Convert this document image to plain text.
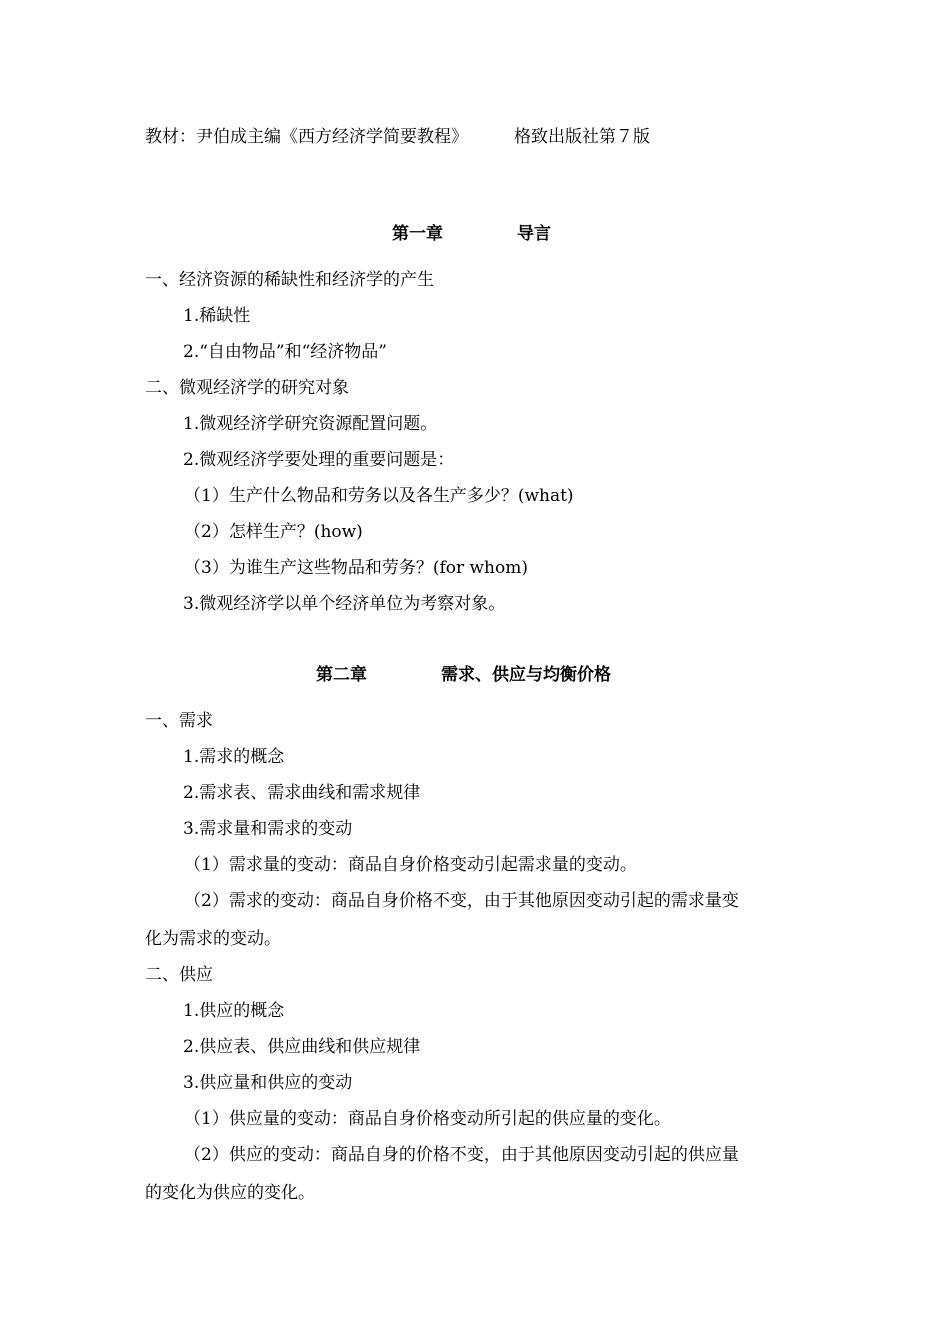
教材：尹伯成主编《西方经济学简要教程》	格致出版社第７版
第一章	导言
一、经济资源的稀缺性和经济学的产生
1.稀缺性
2.“自由物品”和“经济物品”
二、微观经济学的研究对象
1.微观经济学研究资源配置问题。
2.微观经济学要处理的重要问题是：
（1）生产什么物品和劳务以及各生产多少？(what)
（2）怎样生产？(how)
（3）为谁生产这些物品和劳务？(for whom)
3.微观经济学以单个经济单位为考察对象。
第二章	需求、供应与均衡价格
一、需求
1.需求的概念
2.需求表、需求曲线和需求规律
3.需求量和需求的变动
（1）需求量的变动：商品自身价格变动引起需求量的变动。
（2）需求的变动：商品自身价格不变，由于其他原因变动引起的需求量变
化为需求的变动。
二、供应
1.供应的概念
2.供应表、供应曲线和供应规律
3.供应量和供应的变动
（1）供应量的变动：商品自身价格变动所引起的供应量的变化。
（2）供应的变动：商品自身的价格不变，由于其他原因变动引起的供应量
的变化为供应的变化。
